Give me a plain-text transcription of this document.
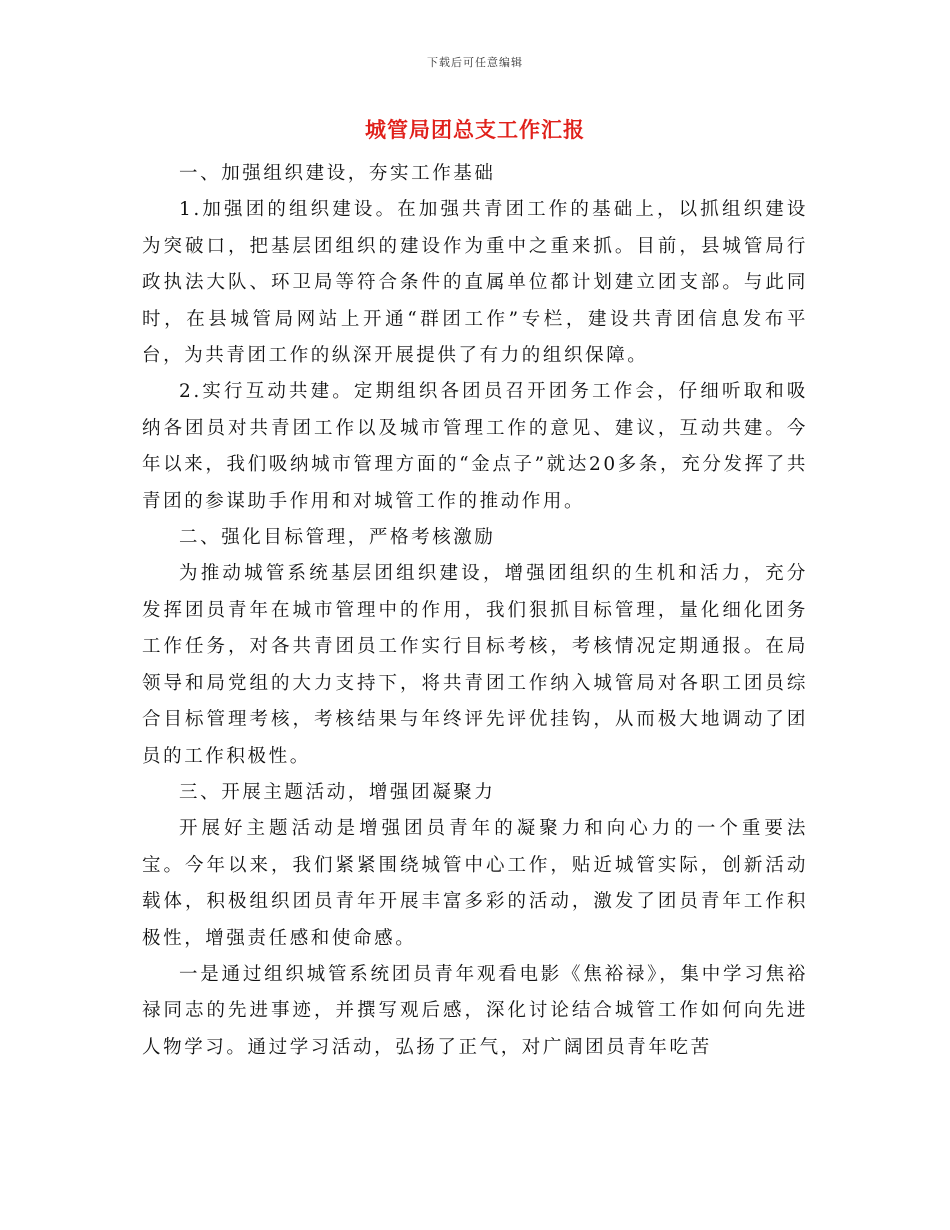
下载后可任意编辑
城管局团总支工作汇报

一、加强组织建设，夯实工作基础

1.加强团的组织建设。在加强共青团工作的基础上，以抓组织建设为突破口，把基层团组织的建设作为重中之重来抓。目前，县城管局行政执法大队、环卫局等符合条件的直属单位都计划建立团支部。与此同时，在县城管局网站上开通“群团工作”专栏，建设共青团信息发布平台，为共青团工作的纵深开展提供了有力的组织保障。

2.实行互动共建。定期组织各团员召开团务工作会，仔细听取和吸纳各团员对共青团工作以及城市管理工作的意见、建议，互动共建。今年以来，我们吸纳城市管理方面的“金点子”就达20多条，充分发挥了共青团的参谋助手作用和对城管工作的推动作用。

二、强化目标管理，严格考核激励

为推动城管系统基层团组织建设，增强团组织的生机和活力，充分发挥团员青年在城市管理中的作用，我们狠抓目标管理，量化细化团务工作任务，对各共青团员工作实行目标考核，考核情况定期通报。在局领导和局党组的大力支持下，将共青团工作纳入城管局对各职工团员综合目标管理考核，考核结果与年终评先评优挂钩，从而极大地调动了团员的工作积极性。

三、开展主题活动，增强团凝聚力

开展好主题活动是增强团员青年的凝聚力和向心力的一个重要法宝。今年以来，我们紧紧围绕城管中心工作，贴近城管实际，创新活动载体，积极组织团员青年开展丰富多彩的活动，激发了团员青年工作积极性，增强责任感和使命感。

一是通过组织城管系统团员青年观看电影《焦裕禄》，集中学习焦裕禄同志的先进事迹，并撰写观后感，深化讨论结合城管工作如何向先进人物学习。通过学习活动，弘扬了正气，对广阔团员青年吃苦
